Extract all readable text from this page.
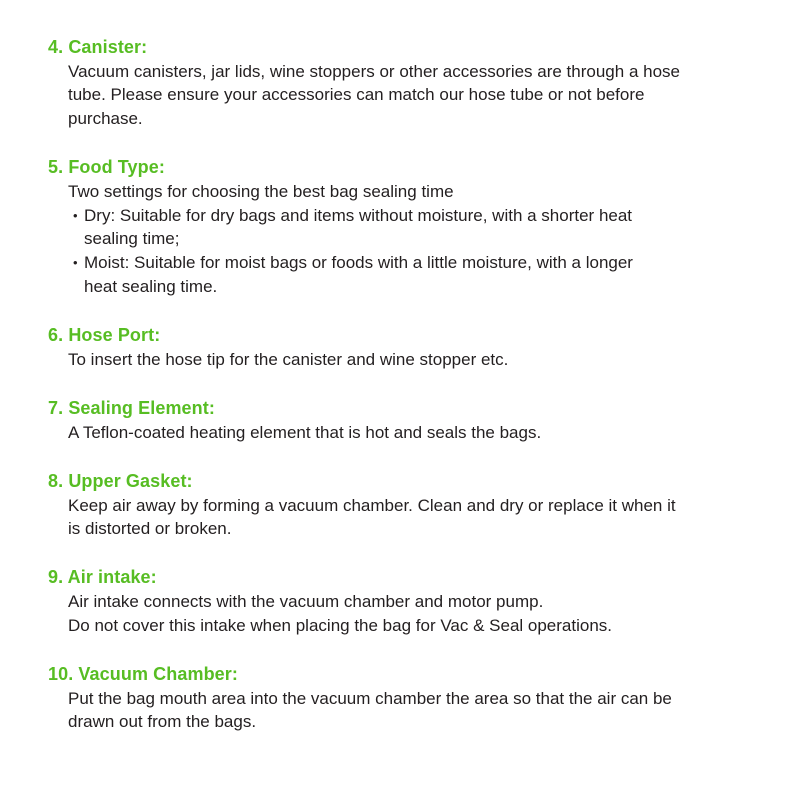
4. Canister:
Vacuum canisters, jar lids, wine stoppers or other accessories are through a hose
tube. Please ensure your accessories can match our hose tube or not before
purchase.
5. Food Type:
Two settings for choosing the best bag sealing time
• Dry: Suitable for dry bags and items without moisture, with a shorter heat
sealing time;
• Moist: Suitable for moist bags or foods with a little moisture, with a longer
heat sealing time.
6. Hose Port:
To insert the hose tip for the canister and wine stopper etc.
7. Sealing Element:
A Teflon-coated heating element that is hot and seals the bags.
8. Upper Gasket:
Keep air away by forming a vacuum chamber. Clean and dry or replace it when it
is distorted or broken.
9. Air intake:
Air intake connects with the vacuum chamber and motor pump.
Do not cover this intake when placing the bag for Vac & Seal operations.
10. Vacuum Chamber:
Put the bag mouth area into the vacuum chamber the area so that the air can be
drawn out from the bags.
